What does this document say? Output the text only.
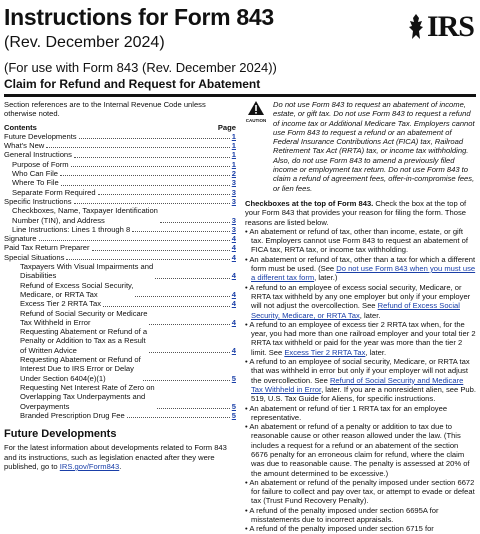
Instructions for Form 843
(Rev. December 2024)
(For use with Form 843 (Rev. December 2024))
Claim for Refund and Request for Abatement
IRS

Section references are to the Internal Revenue Code unless otherwise noted.

Contents	Page
Future Developments	1
What's New	1
General Instructions	1
Purpose of Form	1
Who Can File	2
Where To File	3
Separate Form Required	3
Specific Instructions	3
Checkboxes, Name, Taxpayer Identification
Number (TIN), and Address	3
Line Instructions: Lines 1 through 8	3
Signature	4
Paid Tax Return Preparer	4
Special Situations	4
Taxpayers With Visual Impairments and
Disabilities	4
Refund of Excess Social Security,
Medicare, or RRTA Tax	4
Excess Tier 2 RRTA Tax	4
Refund of Social Security or Medicare
Tax Withheld in Error	4
Requesting Abatement or Refund of a
Penalty or Addition to Tax as a Result
of Written Advice	4
Requesting Abatement or Refund of
Interest Due to IRS Error or Delay
Under Section 6404(e)(1)	5
Requesting Net Interest Rate of Zero on
Overlapping Tax Underpayments and
Overpayments	5
Branded Prescription Drug Fee	5
Future Developments

For the latest information about developments related to Form 843 and its instructions, such as legislation enacted after they were published, go to IRS.gov/Form843.

CAUTION
Do not use Form 843 to request an abatement of income, estate, or gift tax. Do not use Form 843 to request a refund of income tax or Additional Medicare Tax. Employers cannot use Form 843 to request a refund or an abatement of Federal Insurance Contributions Act (FICA) tax, Railroad Retirement Tax Act (RRTA) tax, or income tax withholding. Also, do not use Form 843 to amend a previously filed income or employment tax return. Do not use Form 843 to claim a refund of agreement fees, offer-in-compromise fees, or lien fees.
Checkboxes at the top of Form 843. Check the box at the top of your Form 843 that provides your reason for filing the form. Those reasons are listed below.

• An abatement or refund of tax, other than income, estate, or gift tax. Employers cannot use Form 843 to request an abatement of FICA tax, RRTA tax, or income tax withholding.

• An abatement or refund of tax, other than a tax for which a different form must be used. (See Do not use Form 843 when you must use a different tax form, later.)

• A refund to an employee of excess social security, Medicare, or RRTA tax withheld by any one employer but only if your employer will not adjust the overcollection. See Refund of Excess Social Security, Medicare, or RRTA Tax, later.

• A refund to an employee of excess tier 2 RRTA tax when, for the year, you had more than one railroad employer and your total tier 2 RRTA tax withheld or paid for the year was more than the tier 2 limit. See Excess Tier 2 RRTA Tax, later.

• A refund to an employee of social security, Medicare, or RRTA tax that was withheld in error but only if your employer will not adjust the overcollection. See Refund of Social Security and Medicare Tax Withheld in Error, later. If you are a nonresident alien, see Pub. 519, U.S. Tax Guide for Aliens, for specific instructions.

• An abatement or refund of tier 1 RRTA tax for an employee representative.

• An abatement or refund of a penalty or addition to tax due to reasonable cause or other reason allowed under the law. (This includes a request for a refund or an abatement of the section 6676 penalty for an erroneous claim for refund, where the claim was due to reasonable cause. The penalty is assessed at 20% of the amount determined to be excessive.)

• An abatement or refund of the penalty imposed under section 6672 for failure to collect and pay over tax, or attempt to evade or defeat tax (Trust Fund Recovery Penalty).

• A refund of the penalty imposed under section 6695A for misstatements due to incorrect appraisals.

• A refund of the penalty imposed under section 6715 for
